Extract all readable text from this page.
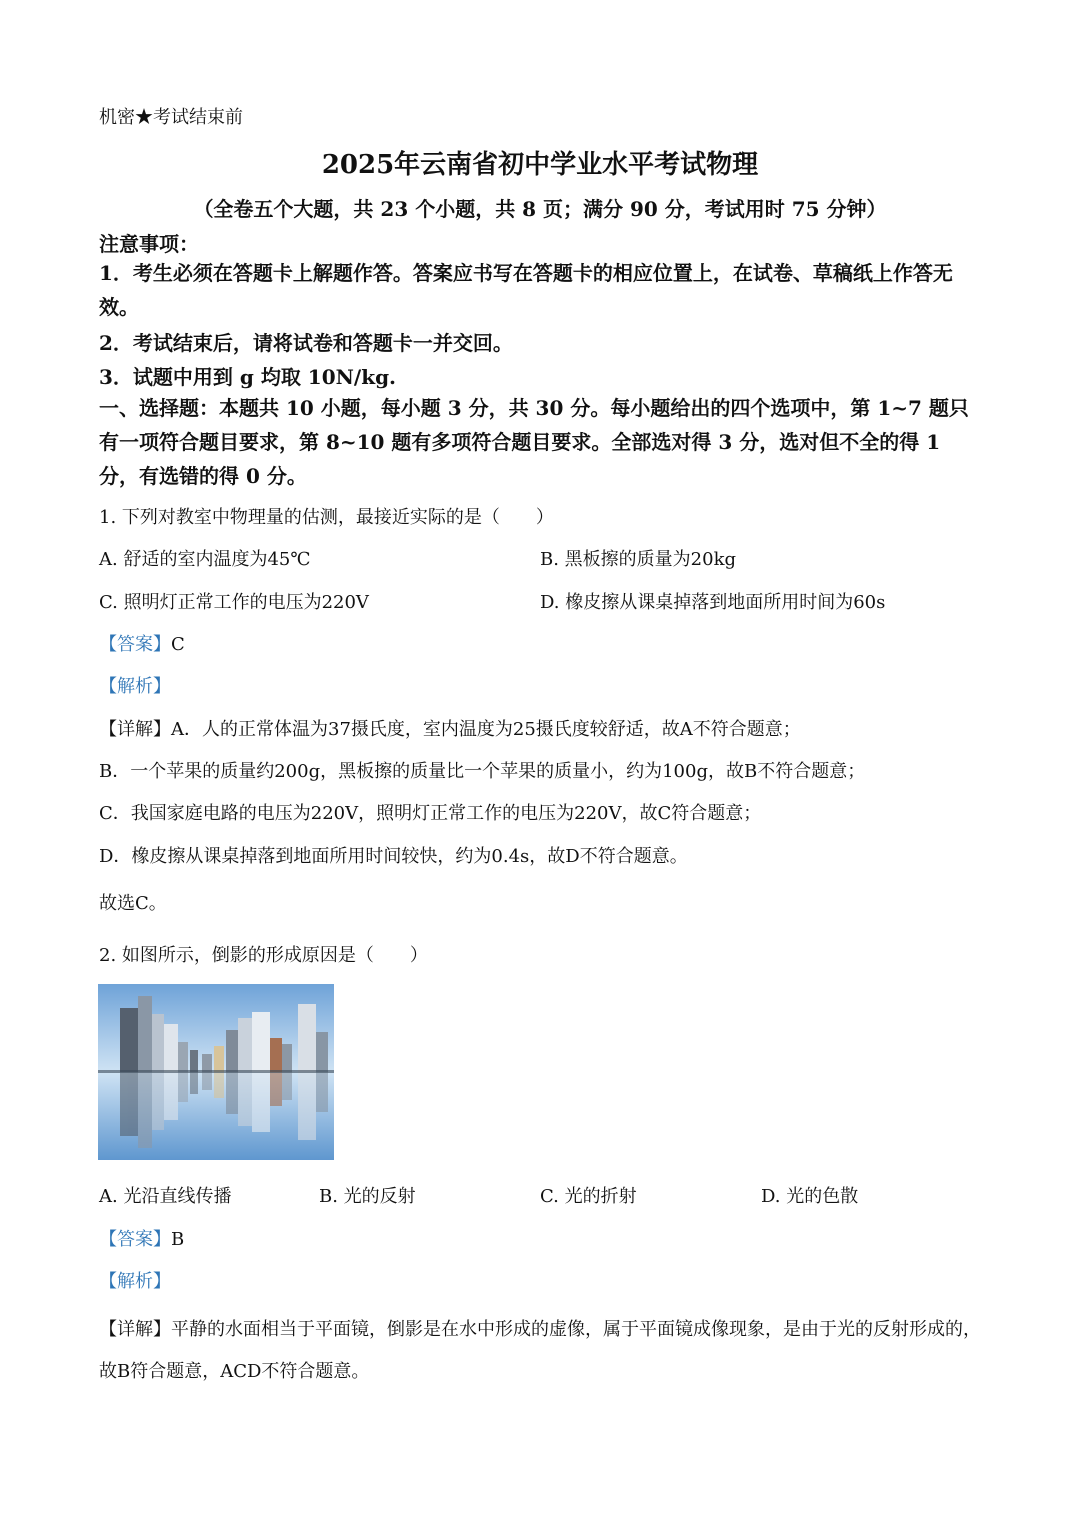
机密★考试结束前
2025年云南省初中学业水平考试物理
（全卷五个大题，共 23 个小题，共 8 页；满分 90 分，考试用时 75 分钟）
注意事项：
1．考生必须在答题卡上解题作答。答案应书写在答题卡的相应位置上，在试卷、草稿纸上作答无效。
2．考试结束后，请将试卷和答题卡一并交回。
3．试题中用到 g 均取 10N/kg.
一、选择题：本题共 10 小题，每小题 3 分，共 30 分。每小题给出的四个选项中，第 1~7 题只有一项符合题目要求，第 8~10 题有多项符合题目要求。全部选对得 3 分，选对但不全的得 1 分，有选错的得 0 分。
1. 下列对教室中物理量的估测，最接近实际的是（　　）
A. 舒适的室内温度为45℃	B. 黑板擦的质量为20kg
C. 照明灯正常工作的电压为220V	D. 橡皮擦从课桌掉落到地面所用时间为60s
【答案】C
【解析】
【详解】A．人的正常体温为37摄氏度，室内温度为25摄氏度较舒适，故A不符合题意；
B．一个苹果的质量约200g，黑板擦的质量比一个苹果的质量小，约为100g，故B不符合题意；
C．我国家庭电路的电压为220V，照明灯正常工作的电压为220V，故C符合题意；
D．橡皮擦从课桌掉落到地面所用时间较快，约为0.4s，故D不符合题意。
故选C。
2. 如图所示，倒影的形成原因是（　　）
A. 光沿直线传播	B. 光的反射	C. 光的折射	D. 光的色散
【答案】B
【解析】
【详解】平静的水面相当于平面镜，倒影是在水中形成的虚像，属于平面镜成像现象，是由于光的反射形成的，故B符合题意，ACD不符合题意。
